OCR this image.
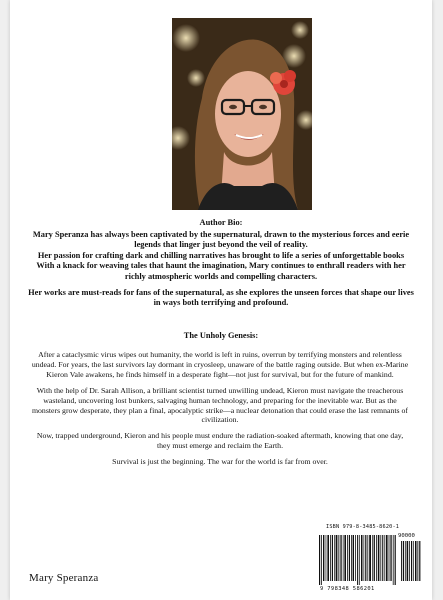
Author Bio:

Mary Speranza has always been captivated by the supernatural, drawn to the mysterious forces and eerie legends that linger just beyond the veil of reality.

Her passion for crafting dark and chilling narratives has brought to life a series of unforgettable books

With a knack for weaving tales that haunt the imagination, Mary continues to enthrall readers with her richly atmospheric worlds and compelling characters.

Her works are must-reads for fans of the supernatural, as she explores the unseen forces that shape our lives in ways both terrifying and profound.

The Unholy Genesis:

After a cataclysmic virus wipes out humanity, the world is left in ruins, overrun by terrifying monsters and relentless undead. For years, the last survivors lay dormant in cryosleep, unaware of the battle raging outside. But when ex-Marine Kieron Vale awakens, he finds himself in a desperate fight—not just for survival, but for the future of mankind.

With the help of Dr. Sarah Allison, a brilliant scientist turned unwilling undead, Kieron must navigate the treacherous wasteland, uncovering lost bunkers, salvaging human technology, and preparing for the inevitable war. But as the monsters grow desperate, they plan a final, apocalyptic strike—a nuclear detonation that could erase the last remnants of civilization.

Now, trapped underground, Kieron and his people must endure the radiation-soaked aftermath, knowing that one day, they must emerge and reclaim the Earth.

Survival is just the beginning. The war for the world is far from over.

Mary Speranza
ISBN 979-8-3485-8620-1
90000
9 798348 586201
